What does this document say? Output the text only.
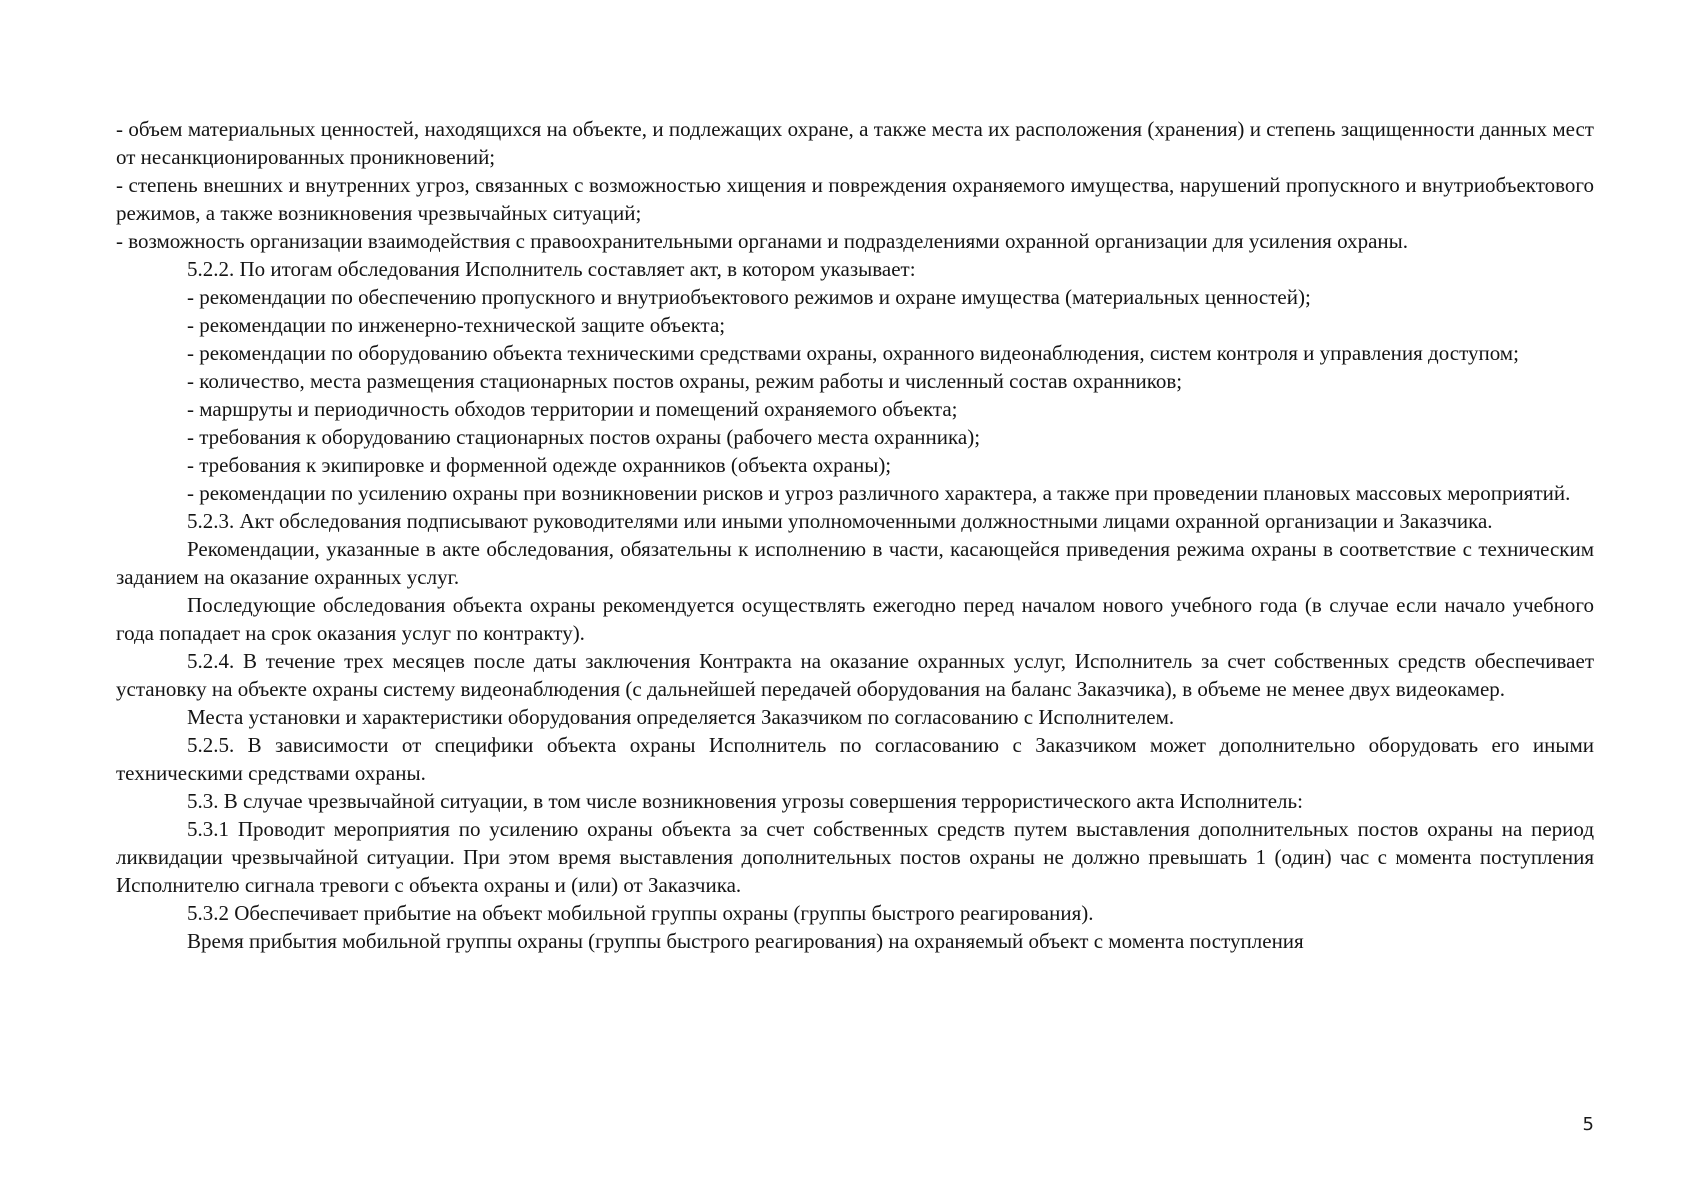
- объем материальных ценностей, находящихся на объекте, и подлежащих охране, а также места их расположения (хранения) и степень защищенности данных мест от несанкционированных проникновений;

- степень внешних и внутренних угроз, связанных с возможностью хищения и повреждения охраняемого имущества, нарушений пропускного и внутриобъектового режимов, а также возникновения чрезвычайных ситуаций;

- возможность организации взаимодействия с правоохранительными органами и подразделениями охранной организации для усиления охраны.

5.2.2. По итогам обследования Исполнитель составляет акт, в котором указывает:

- рекомендации по обеспечению пропускного и внутриобъектового режимов и охране имущества (материальных ценностей);

- рекомендации по инженерно-технической защите объекта;

- рекомендации по оборудованию объекта техническими средствами охраны, охранного видеонаблюдения, систем контроля и управления доступом;

- количество, места размещения стационарных постов охраны, режим работы и численный состав охранников;

- маршруты и периодичность обходов территории и помещений охраняемого объекта;

- требования к оборудованию стационарных постов охраны (рабочего места охранника);

- требования к экипировке и форменной одежде охранников (объекта охраны);

- рекомендации по усилению охраны при возникновении рисков и угроз различного характера, а также при проведении плановых массовых мероприятий.

5.2.3. Акт обследования подписывают руководителями или иными уполномоченными должностными лицами охранной организации и Заказчика.

Рекомендации, указанные в акте обследования, обязательны к исполнению в части, касающейся приведения режима охраны в соответствие с техническим заданием на оказание охранных услуг.

Последующие обследования объекта охраны рекомендуется осуществлять ежегодно перед началом нового учебного года (в случае если начало учебного года попадает на срок оказания услуг по контракту).

5.2.4. В течение трех месяцев после даты заключения Контракта на оказание охранных услуг, Исполнитель за счет собственных средств обеспечивает установку на объекте охраны систему видеонаблюдения (с дальнейшей передачей оборудования на баланс Заказчика), в объеме не менее двух видеокамер.

Места установки и характеристики оборудования определяется Заказчиком по согласованию с Исполнителем.

5.2.5. В зависимости от специфики объекта охраны Исполнитель по согласованию с Заказчиком может дополнительно оборудовать его иными техническими средствами охраны.

5.3. В случае чрезвычайной ситуации, в том числе возникновения угрозы совершения террористического акта Исполнитель:

5.3.1 Проводит мероприятия по усилению охраны объекта за счет собственных средств путем выставления дополнительных постов охраны на период ликвидации чрезвычайной ситуации. При этом время выставления дополнительных постов охраны не должно превышать 1 (один) час с момента поступления Исполнителю сигнала тревоги с объекта охраны и (или) от Заказчика.

5.3.2 Обеспечивает прибытие на объект мобильной группы охраны (группы быстрого реагирования).

Время прибытия мобильной группы охраны (группы быстрого реагирования) на охраняемый объект с момента поступления

5
